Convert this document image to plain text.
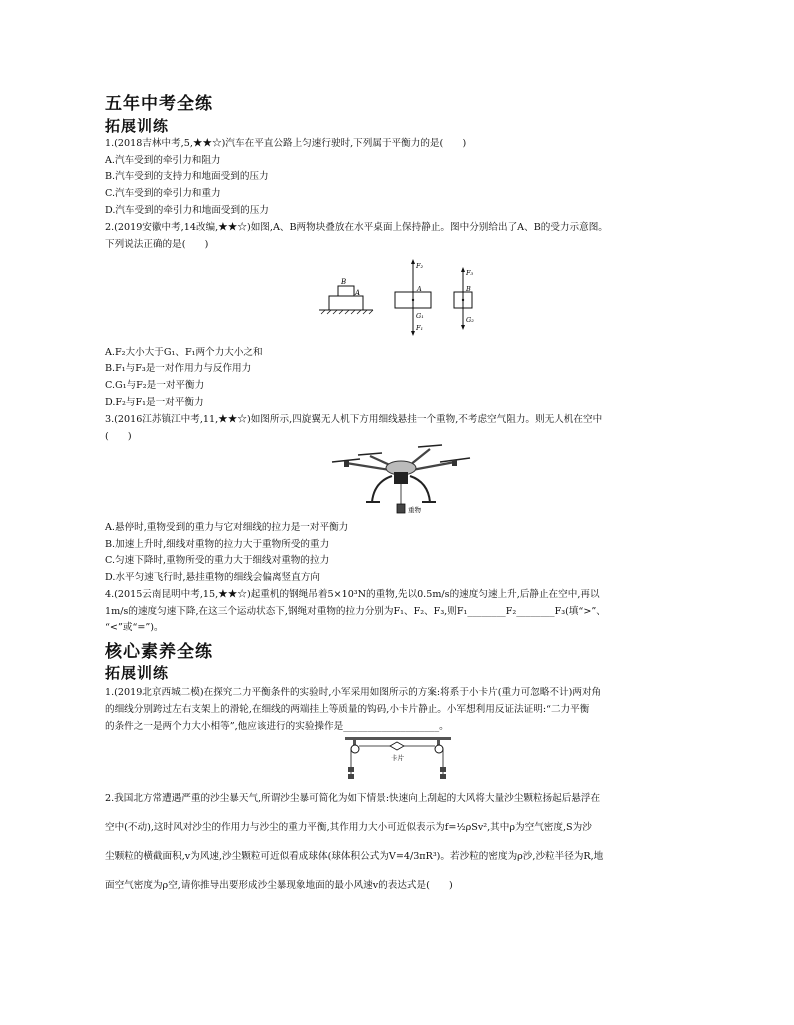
五年中考全练
拓展训练
1.(2018吉林中考,5,★★☆)汽车在平直公路上匀速行驶时,下列属于平衡力的是(　　)
A.汽车受到的牵引力和阻力
B.汽车受到的支持力和地面受到的压力
C.汽车受到的牵引力和重力
D.汽车受到的牵引力和地面受到的压力
2.(2019安徽中考,14改编,★★☆)如图,A、B两物块叠放在水平桌面上保持静止。图中分别给出了A、B的受力示意图。
下列说法正确的是(　　)
B
A
F₂
A
G₁
F₁
F₃
B
G₂
A.F₂大小大于G₁、F₁两个力大小之和
B.F₁与F₃是一对作用力与反作用力
C.G₁与F₂是一对平衡力
D.F₂与F₁是一对平衡力
3.(2016江苏镇江中考,11,★★☆)如图所示,四旋翼无人机下方用细线悬挂一个重物,不考虑空气阻力。则无人机在空中
(　　)
重物
A.悬停时,重物受到的重力与它对细线的拉力是一对平衡力
B.加速上升时,细线对重物的拉力大于重物所受的重力
C.匀速下降时,重物所受的重力大于细线对重物的拉力
D.水平匀速飞行时,悬挂重物的细线会偏离竖直方向
4.(2015云南昆明中考,15,★★☆)起重机的钢绳吊着5×10³N的重物,先以0.5m/s的速度匀速上升,后静止在空中,再以
1m/s的速度匀速下降,在这三个运动状态下,钢绳对重物的拉力分别为F₁、F₂、F₃,则F₁________F₂________F₃(填“>”、
“<”或“=”)。
核心素养全练
拓展训练
1.(2019北京西城二模)在探究二力平衡条件的实验时,小军采用如图所示的方案:将系于小卡片(重力可忽略不计)两对角
的细线分别跨过左右支架上的滑轮,在细线的两端挂上等质量的钩码,小卡片静止。小军想利用反证法证明:“二力平衡
的条件之一是两个力大小相等”,他应该进行的实验操作是____________________。
卡片
2.我国北方常遭遇严重的沙尘暴天气,所谓沙尘暴可简化为如下情景:快速向上刮起的大风将大量沙尘颗粒扬起后悬浮在
空中(不动),这时风对沙尘的作用力与沙尘的重力平衡,其作用力大小可近似表示为f=½ρSv²,其中ρ为空气密度,S为沙
尘颗粒的横截面积,v为风速,沙尘颗粒可近似看成球体(球体积公式为V=4/3πR³)。若沙粒的密度为ρ沙,沙粒半径为R,地
面空气密度为ρ空,请你推导出要形成沙尘暴现象地面的最小风速v的表达式是(　　)
